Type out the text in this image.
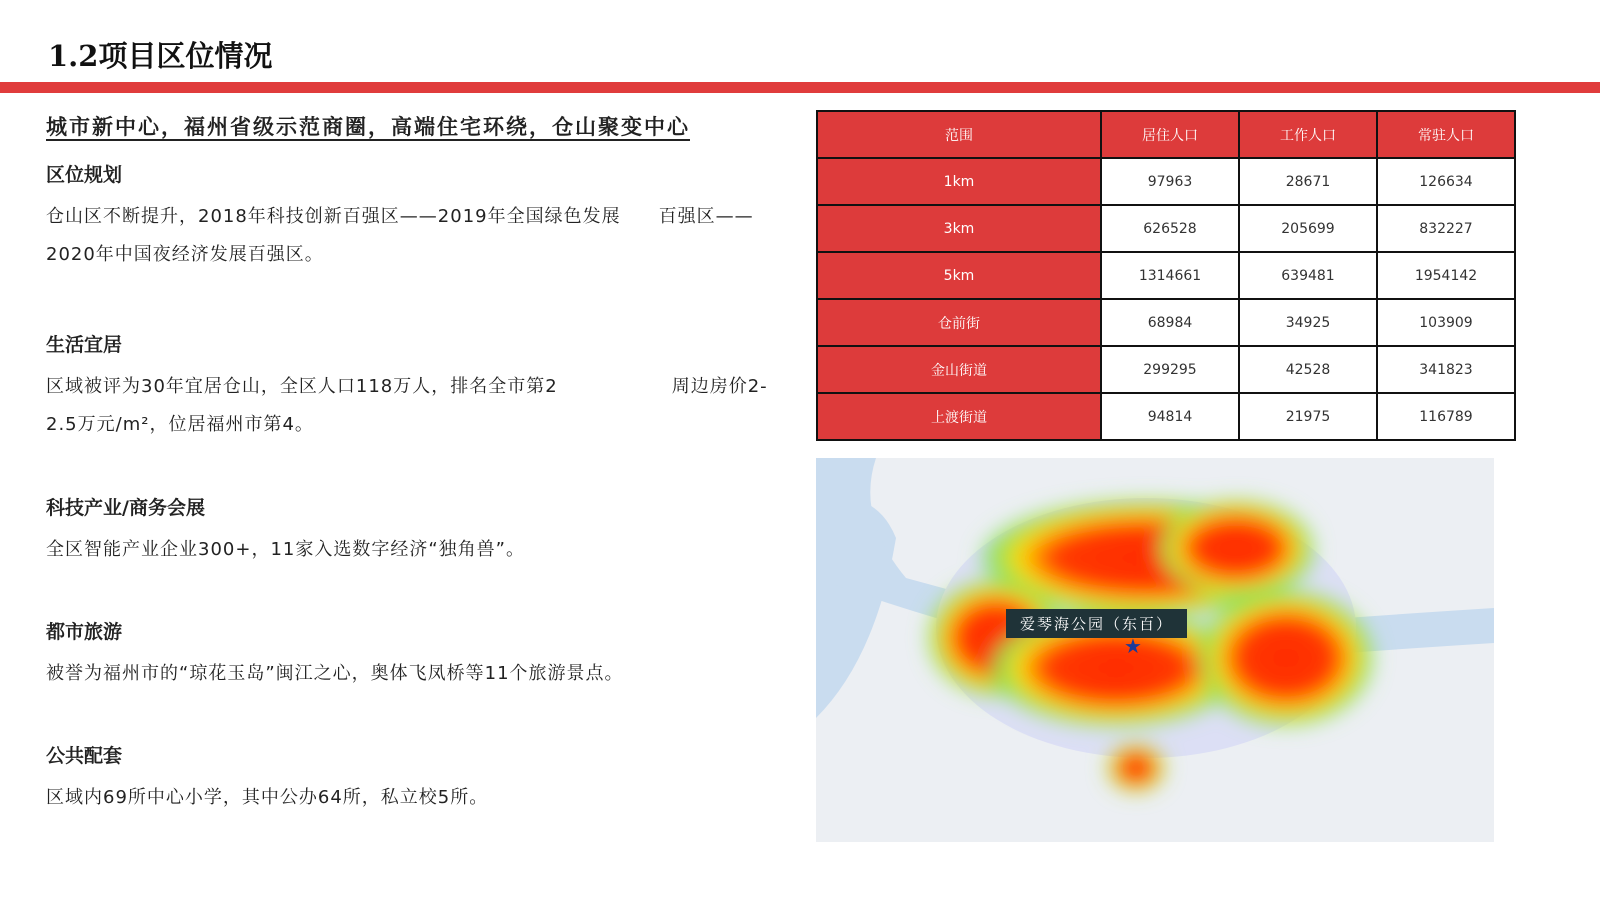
1.2项目区位情况
城市新中心，福州省级示范商圈，高端住宅环绕，仓山聚变中心
区位规划

仓山区不断提升，2018年科技创新百强区——2019年全国绿色发展　　百强区——2020年中国夜经济发展百强区。

生活宜居

区域被评为30年宜居仓山，全区人口118万人，排名全市第2　　　　　　周边房价2-2.5万元/m²，位居福州市第4。

科技产业/商务会展

全区智能产业企业300+，11家入选数字经济“独角兽”。

都市旅游

被誉为福州市的“琼花玉岛”闽江之心，奥体飞凤桥等11个旅游景点。

公共配套

区域内69所中心小学，其中公办64所，私立校5所。

范围	居住人口	工作人口	常驻人口
1km	97963	28671	126634
3km	626528	205699	832227
5km	1314661	639481	1954142
仓前街	68984	34925	103909
金山街道	299295	42528	341823
上渡街道	94814	21975	116789
爱琴海公园（东百）
★
